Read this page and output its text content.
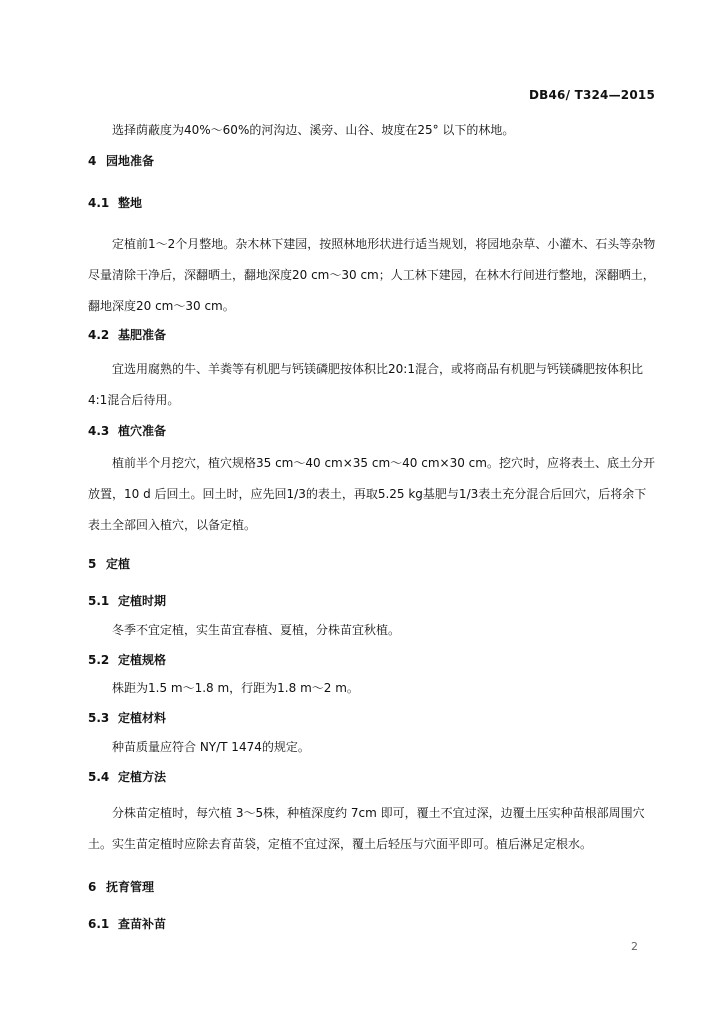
DB46/ T324—2015

选择荫蔽度为40%～60%的河沟边、溪旁、山谷、坡度在25° 以下的林地。

4 园地准备
4.1 整地

定植前1～2个月整地。杂木林下建园，按照林地形状进行适当规划，将园地杂草、小灌木、石头等杂物尽量清除干净后，深翻晒土，翻地深度20 cm～30 cm；人工林下建园，在林木行间进行整地，深翻晒土，翻地深度20 cm～30 cm。

4.2 基肥准备

宜选用腐熟的牛、羊粪等有机肥与钙镁磷肥按体积比20:1混合，或将商品有机肥与钙镁磷肥按体积比4:1混合后待用。

4.3 植穴准备

植前半个月挖穴，植穴规格35 cm～40 cm×35 cm～40 cm×30 cm。挖穴时，应将表土、底土分开放置，10 d 后回土。回土时，应先回1/3的表土，再取5.25 kg基肥与1/3表土充分混合后回穴，后将余下表土全部回入植穴，以备定植。

5 定植
5.1 定植时期

冬季不宜定植，实生苗宜春植、夏植，分株苗宜秋植。

5.2 定植规格

株距为1.5 m～1.8 m，行距为1.8 m～2 m。

5.3 定植材料

种苗质量应符合 NY/T 1474的规定。

5.4 定植方法

分株苗定植时，每穴植 3～5株，种植深度约 7cm 即可，覆土不宜过深，边覆土压实种苗根部周围穴土。实生苗定植时应除去育苗袋，定植不宜过深，覆土后轻压与穴面平即可。植后淋足定根水。

6 抚育管理
6.1 查苗补苗
2
